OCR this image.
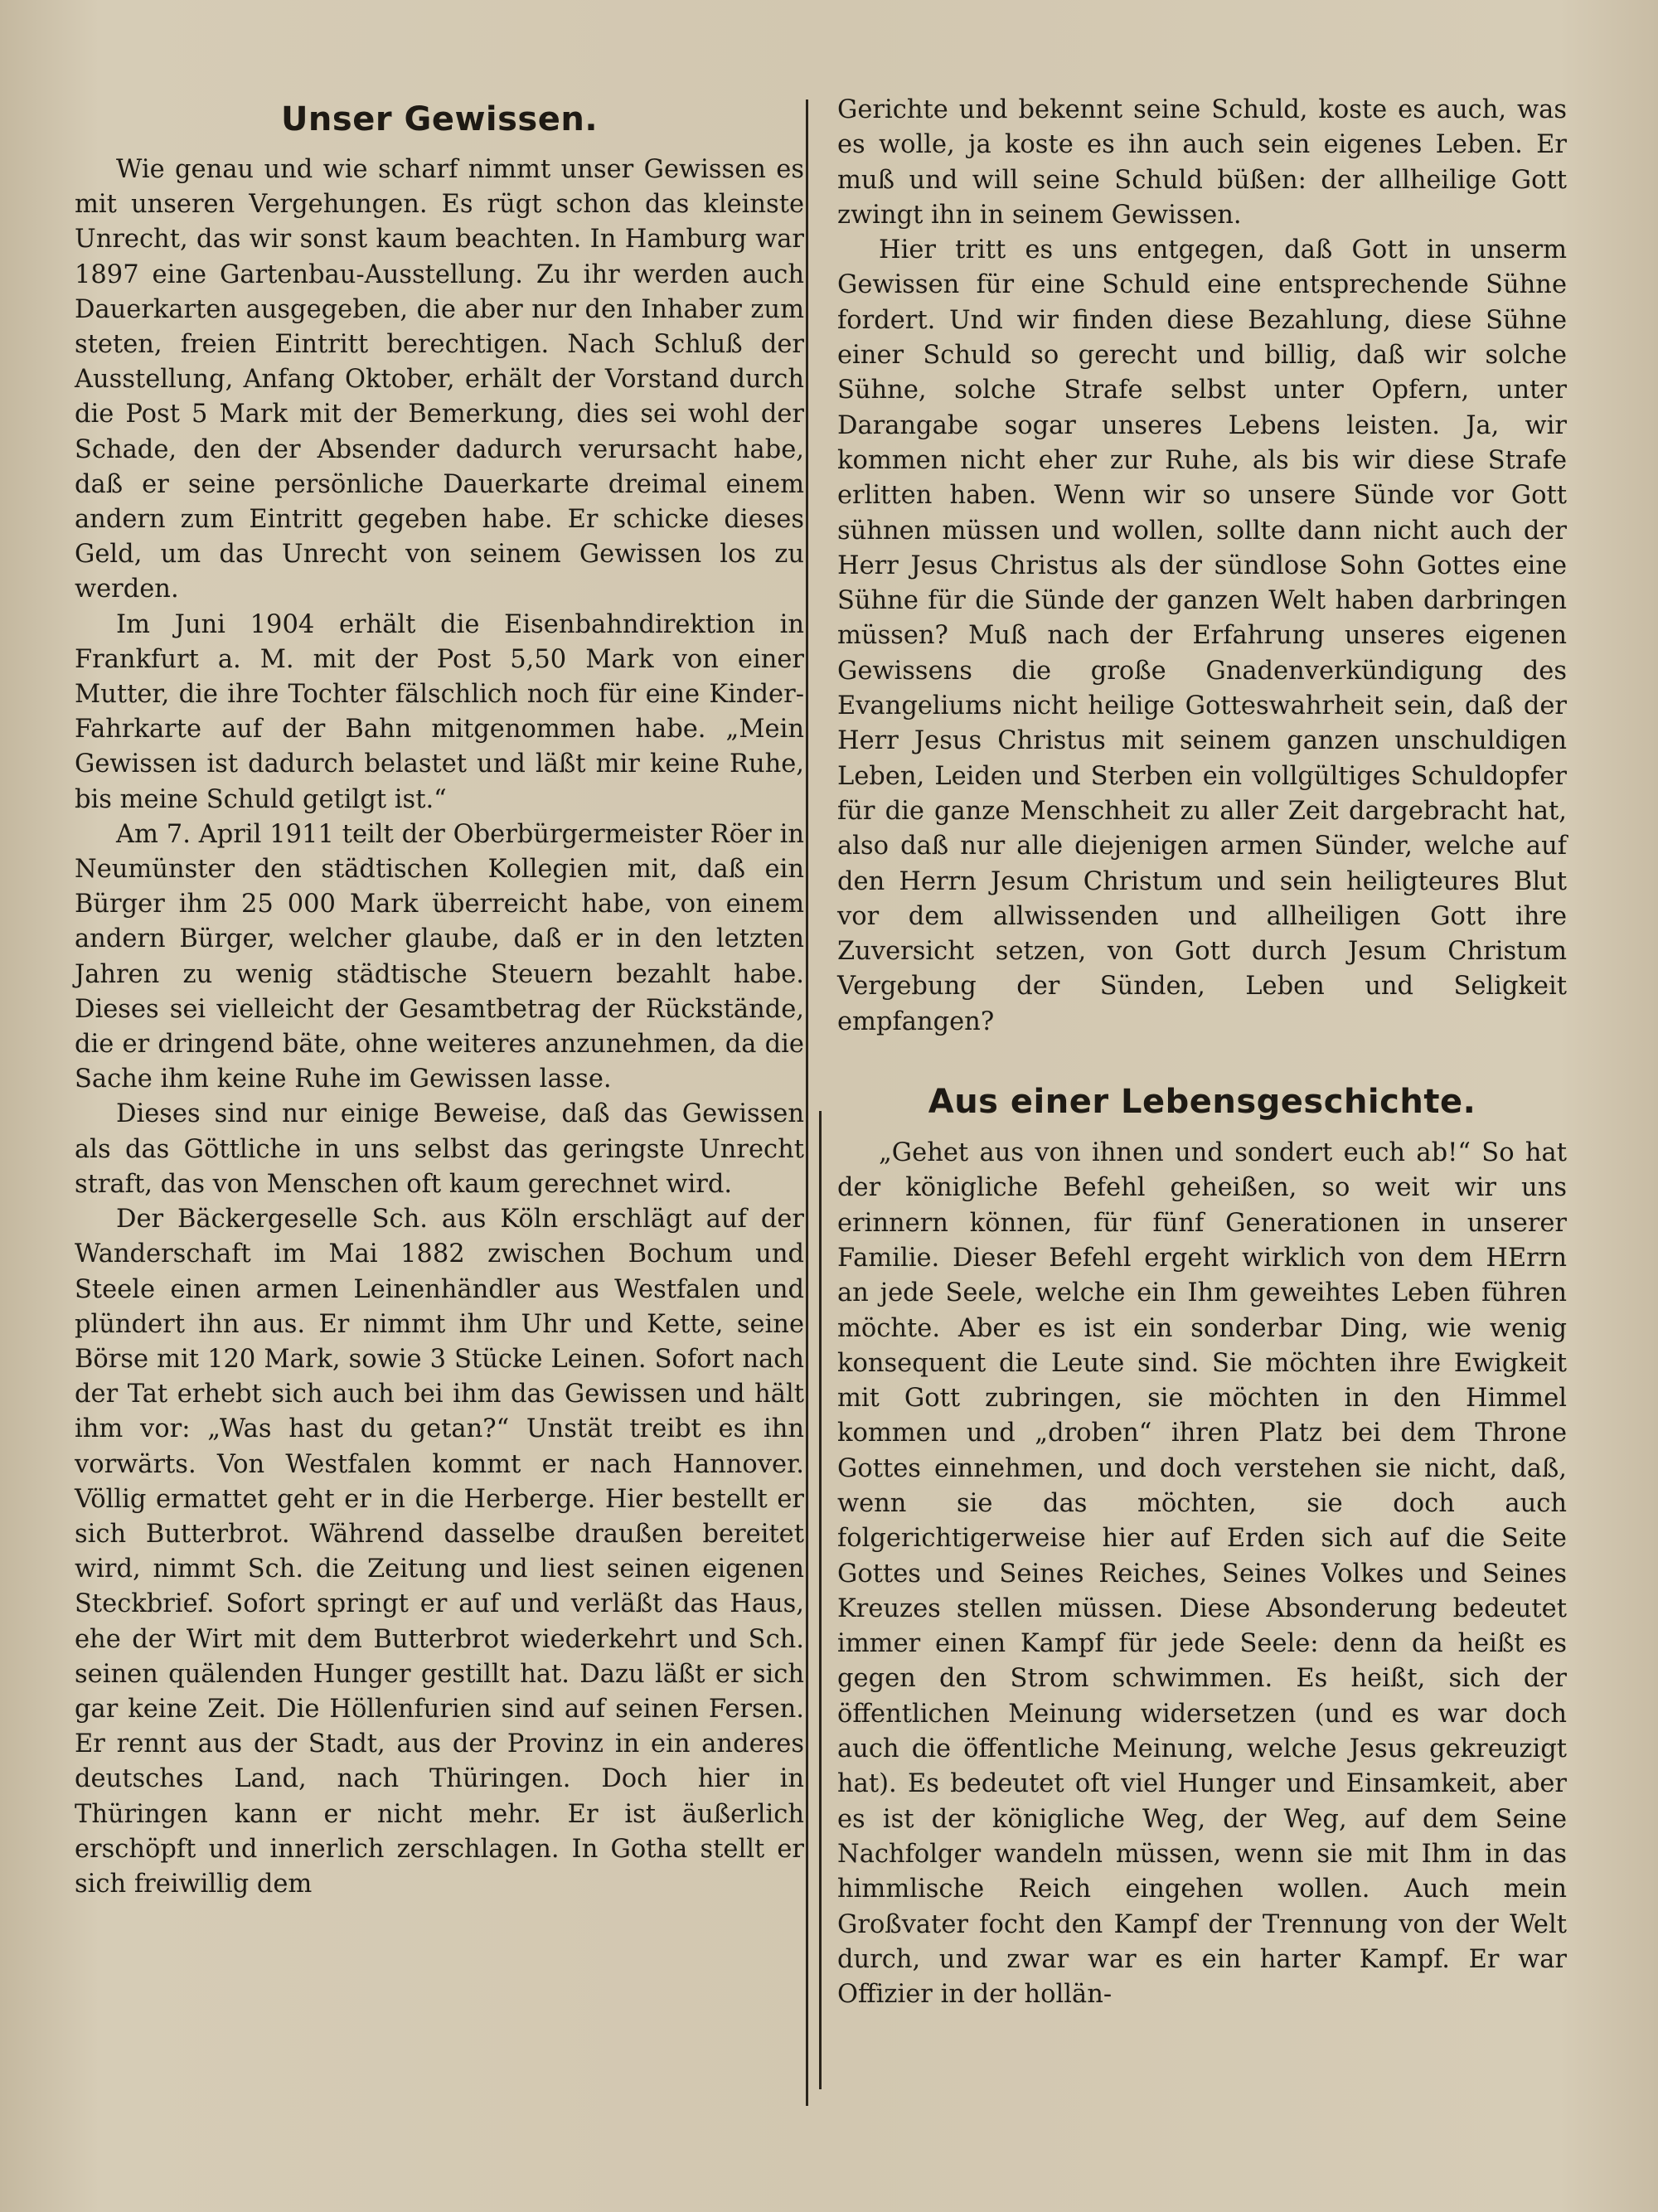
Unser Gewissen.

Wie genau und wie scharf nimmt unser Gewissen es mit unseren Vergehungen. Es rügt schon das kleinste Unrecht, das wir sonst kaum beachten. In Hamburg war 1897 eine Gartenbau-Ausstellung. Zu ihr werden auch Dauerkarten ausgegeben, die aber nur den Inhaber zum steten, freien Eintritt berechtigen. Nach Schluß der Ausstellung, Anfang Oktober, erhält der Vorstand durch die Post 5 Mark mit der Bemerkung, dies sei wohl der Schade, den der Absender dadurch verursacht habe, daß er seine persönliche Dauerkarte dreimal einem andern zum Eintritt gegeben habe. Er schicke dieses Geld, um das Unrecht von seinem Gewissen los zu werden.

Im Juni 1904 erhält die Eisenbahndirektion in Frankfurt a. M. mit der Post 5,50 Mark von einer Mutter, die ihre Tochter fälschlich noch für eine Kinder-Fahrkarte auf der Bahn mitgenommen habe. „Mein Gewissen ist dadurch belastet und läßt mir keine Ruhe, bis meine Schuld getilgt ist.“

Am 7. April 1911 teilt der Oberbürgermeister Röer in Neumünster den städtischen Kollegien mit, daß ein Bürger ihm 25 000 Mark überreicht habe, von einem andern Bürger, welcher glaube, daß er in den letzten Jahren zu wenig städtische Steuern bezahlt habe. Dieses sei vielleicht der Gesamtbetrag der Rückstände, die er dringend bäte, ohne weiteres anzunehmen, da die Sache ihm keine Ruhe im Gewissen lasse.

Dieses sind nur einige Beweise, daß das Gewissen als das Göttliche in uns selbst das geringste Unrecht straft, das von Menschen oft kaum gerechnet wird.

Der Bäckergeselle Sch. aus Köln erschlägt auf der Wanderschaft im Mai 1882 zwischen Bochum und Steele einen armen Leinenhändler aus Westfalen und plündert ihn aus. Er nimmt ihm Uhr und Kette, seine Börse mit 120 Mark, sowie 3 Stücke Leinen. Sofort nach der Tat erhebt sich auch bei ihm das Gewissen und hält ihm vor: „Was hast du getan?“ Unstät treibt es ihn vorwärts. Von Westfalen kommt er nach Hannover. Völlig ermattet geht er in die Herberge. Hier bestellt er sich Butterbrot. Während dasselbe draußen bereitet wird, nimmt Sch. die Zeitung und liest seinen eigenen Steckbrief. Sofort springt er auf und verläßt das Haus, ehe der Wirt mit dem Butterbrot wiederkehrt und Sch. seinen quälenden Hunger gestillt hat. Dazu läßt er sich gar keine Zeit. Die Höllenfurien sind auf seinen Fersen. Er rennt aus der Stadt, aus der Provinz in ein anderes deutsches Land, nach Thüringen. Doch hier in Thüringen kann er nicht mehr. Er ist äußerlich erschöpft und innerlich zerschlagen. In Gotha stellt er sich freiwillig dem

Gerichte und bekennt seine Schuld, koste es auch, was es wolle, ja koste es ihn auch sein eigenes Leben. Er muß und will seine Schuld büßen: der allheilige Gott zwingt ihn in seinem Gewissen.

Hier tritt es uns entgegen, daß Gott in unserm Gewissen für eine Schuld eine entsprechende Sühne fordert. Und wir finden diese Bezahlung, diese Sühne einer Schuld so gerecht und billig, daß wir solche Sühne, solche Strafe selbst unter Opfern, unter Darangabe sogar unseres Lebens leisten. Ja, wir kommen nicht eher zur Ruhe, als bis wir diese Strafe erlitten haben. Wenn wir so unsere Sünde vor Gott sühnen müssen und wollen, sollte dann nicht auch der Herr Jesus Christus als der sündlose Sohn Gottes eine Sühne für die Sünde der ganzen Welt haben darbringen müssen? Muß nach der Erfahrung unseres eigenen Gewissens die große Gnadenverkündigung des Evangeliums nicht heilige Gotteswahrheit sein, daß der Herr Jesus Christus mit seinem ganzen unschuldigen Leben, Leiden und Sterben ein vollgültiges Schuldopfer für die ganze Menschheit zu aller Zeit dargebracht hat, also daß nur alle diejenigen armen Sünder, welche auf den Herrn Jesum Christum und sein heiligteures Blut vor dem allwissenden und allheiligen Gott ihre Zuversicht setzen, von Gott durch Jesum Christum Vergebung der Sünden, Leben und Seligkeit empfangen?

Aus einer Lebensgeschichte.

„Gehet aus von ihnen und sondert euch ab!“ So hat der königliche Befehl geheißen, so weit wir uns erinnern können, für fünf Generationen in unserer Familie. Dieser Befehl ergeht wirklich von dem HErrn an jede Seele, welche ein Ihm geweihtes Leben führen möchte. Aber es ist ein sonderbar Ding, wie wenig konsequent die Leute sind. Sie möchten ihre Ewigkeit mit Gott zubringen, sie möchten in den Himmel kommen und „droben“ ihren Platz bei dem Throne Gottes einnehmen, und doch verstehen sie nicht, daß, wenn sie das möchten, sie doch auch folgerichtigerweise hier auf Erden sich auf die Seite Gottes und Seines Reiches, Seines Volkes und Seines Kreuzes stellen müssen. Diese Absonderung bedeutet immer einen Kampf für jede Seele: denn da heißt es gegen den Strom schwimmen. Es heißt, sich der öffentlichen Meinung widersetzen (und es war doch auch die öffentliche Meinung, welche Jesus gekreuzigt hat). Es bedeutet oft viel Hunger und Einsamkeit, aber es ist der königliche Weg, der Weg, auf dem Seine Nachfolger wandeln müssen, wenn sie mit Ihm in das himmlische Reich eingehen wollen. Auch mein Großvater focht den Kampf der Trennung von der Welt durch, und zwar war es ein harter Kampf. Er war Offizier in der hollän-
